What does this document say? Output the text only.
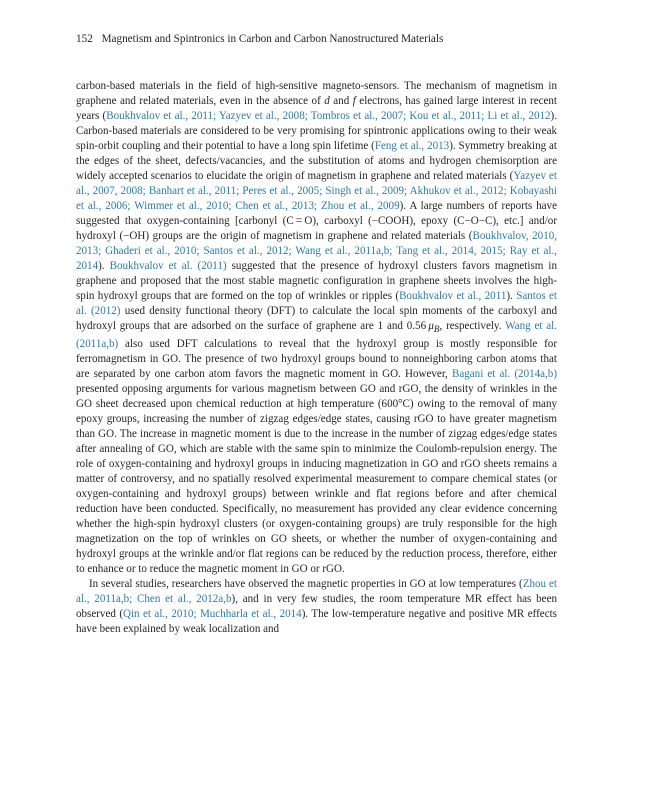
152 Magnetism and Spintronics in Carbon and Carbon Nanostructured Materials

carbon-based materials in the field of high-sensitive magneto-sensors. The mechanism of magnetism in graphene and related materials, even in the absence of d and f electrons, has gained large interest in recent years (Boukhvalov et al., 2011; Yazyev et al., 2008; Tombros et al., 2007; Kou et al., 2011; Li et al., 2012). Carbon-based materials are considered to be very promising for spintronic applications owing to their weak spin-orbit coupling and their potential to have a long spin lifetime (Feng et al., 2013). Symmetry breaking at the edges of the sheet, defects/vacancies, and the substitution of atoms and hydrogen chemisorption are widely accepted scenarios to elucidate the origin of magnetism in graphene and related materials (Yazyev et al., 2007, 2008; Banhart et al., 2011; Peres et al., 2005; Singh et al., 2009; Akhukov et al., 2012; Kobayashi et al., 2006; Wimmer et al., 2010; Chen et al., 2013; Zhou et al., 2009). A large numbers of reports have suggested that oxygen-containing [carbonyl (C = O), carboxyl (−COOH), epoxy (C−O−C), etc.] and/or hydroxyl (−OH) groups are the origin of magnetism in graphene and related materials (Boukhvalov, 2010, 2013; Ghaderi et al., 2010; Santos et al., 2012; Wang et al., 2011a,b; Tang et al., 2014, 2015; Ray et al., 2014). Boukhvalov et al. (2011) suggested that the presence of hydroxyl clusters favors magnetism in graphene and proposed that the most stable magnetic configuration in graphene sheets involves the high-spin hydroxyl groups that are formed on the top of wrinkles or ripples (Boukhvalov et al., 2011). Santos et al. (2012) used density functional theory (DFT) to calculate the local spin moments of the carboxyl and hydroxyl groups that are adsorbed on the surface of graphene are 1 and 0.56 $\mu_B$, respectively. Wang et al. (2011a,b) also used DFT calculations to reveal that the hydroxyl group is mostly responsible for ferromagnetism in GO. The presence of two hydroxyl groups bound to nonneighboring carbon atoms that are separated by one carbon atom favors the magnetic moment in GO. However, Bagani et al. (2014a,b) presented opposing arguments for various magnetism between GO and rGO, the density of wrinkles in the GO sheet decreased upon chemical reduction at high temperature (600°C) owing to the removal of many epoxy groups, increasing the number of zigzag edges/edge states, causing rGO to have greater magnetism than GO. The increase in magnetic moment is due to the increase in the number of zigzag edges/edge states after annealing of GO, which are stable with the same spin to minimize the Coulomb-repulsion energy. The role of oxygen-containing and hydroxyl groups in inducing magnetization in GO and rGO sheets remains a matter of controversy, and no spatially resolved experimental measurement to compare chemical states (or oxygen-containing and hydroxyl groups) between wrinkle and flat regions before and after chemical reduction have been conducted. Specifically, no measurement has provided any clear evidence concerning whether the high-spin hydroxyl clusters (or oxygen-containing groups) are truly responsible for the high magnetization on the top of wrinkles on GO sheets, or whether the number of oxygen-containing and hydroxyl groups at the wrinkle and/or flat regions can be reduced by the reduction process, therefore, either to enhance or to reduce the magnetic moment in GO or rGO.

In several studies, researchers have observed the magnetic properties in GO at low temperatures (Zhou et al., 2011a,b; Chen et al., 2012a,b), and in very few studies, the room temperature MR effect has been observed (Qin et al., 2010; Muchharla et al., 2014). The low-temperature negative and positive MR effects have been explained by weak localization and
